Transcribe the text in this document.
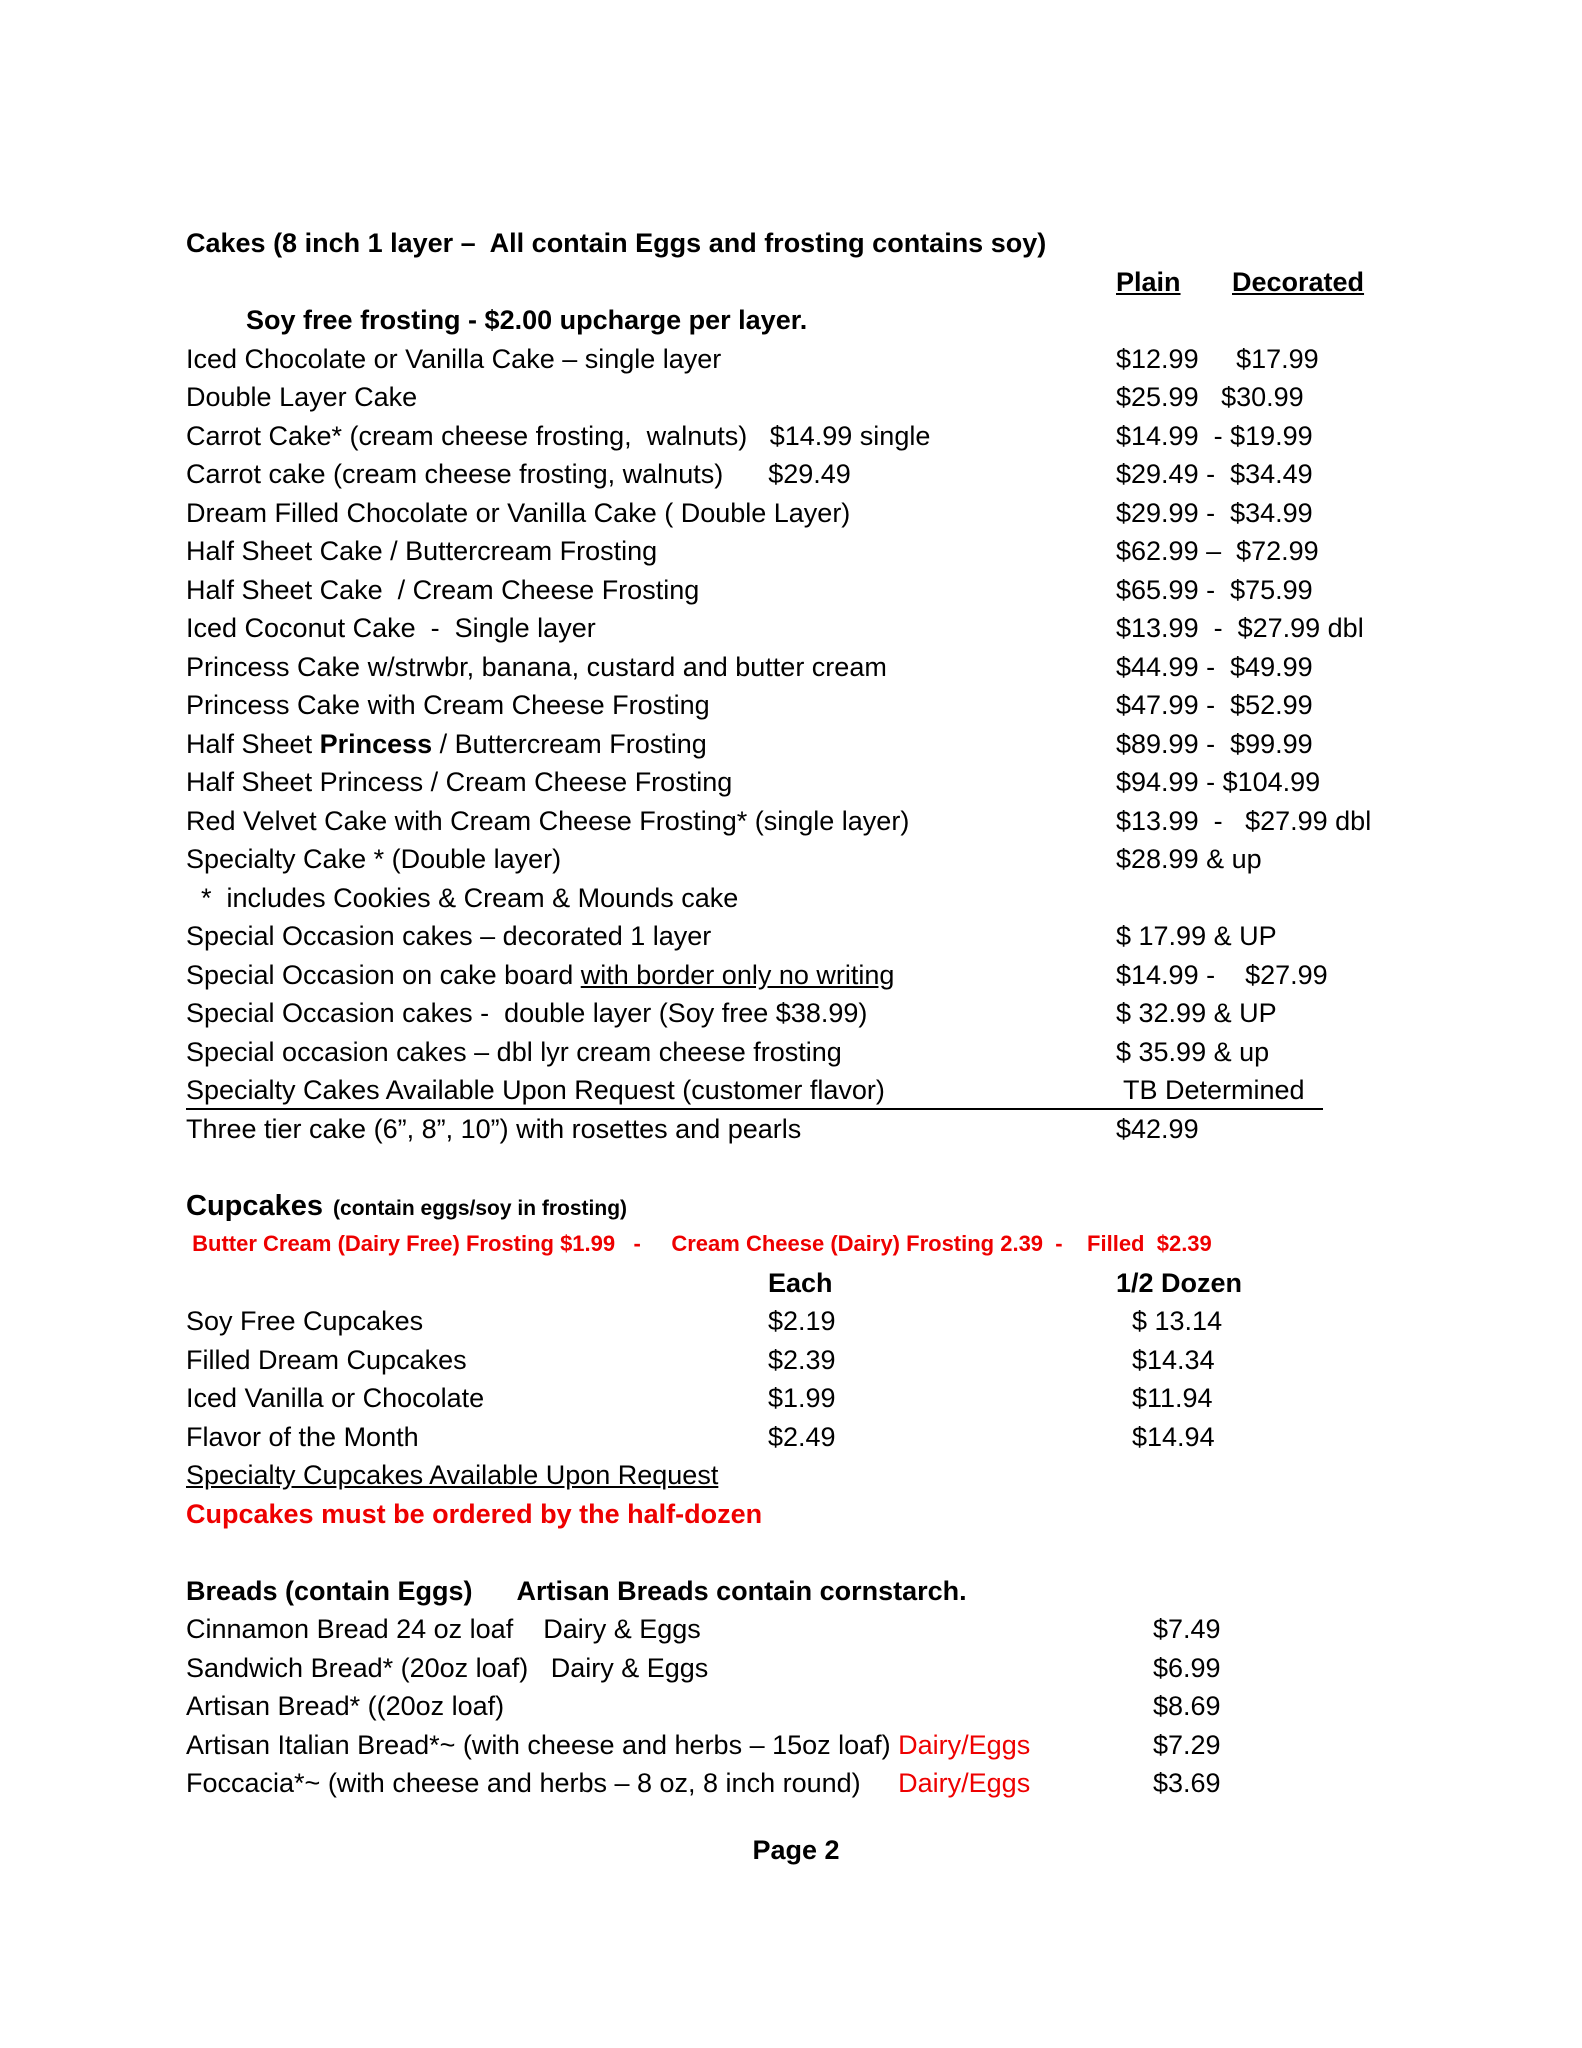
Cakes (8 inch 1 layer –  All contain Eggs and frosting contains soy)

Soy free frosting - $2.00 upcharge per layer.

Plain

Decorated

Iced Chocolate or Vanilla Cake – single layer	$12.99     $17.99
Double Layer Cake	$25.99   $30.99
Carrot Cake* (cream cheese frosting,  walnuts)   $14.99 single	$14.99  - $19.99
Carrot cake (cream cheese frosting, walnuts)      $29.49	$29.49 -  $34.49
Dream Filled Chocolate or Vanilla Cake ( Double Layer)	$29.99 -  $34.99
Half Sheet Cake / Buttercream Frosting	$62.99 –  $72.99
Half Sheet Cake  / Cream Cheese Frosting	$65.99 -  $75.99
Iced Coconut Cake  -  Single layer	$13.99  -  $27.99 dbl
Princess Cake w/strwbr, banana, custard and butter cream	$44.99 -  $49.99
Princess Cake with Cream Cheese Frosting	$47.99 -  $52.99
Half Sheet Princess / Buttercream Frosting	$89.99 -  $99.99
Half Sheet Princess / Cream Cheese Frosting	$94.99 - $104.99
Red Velvet Cake with Cream Cheese Frosting* (single layer)	$13.99  -   $27.99 dbl
Specialty Cake * (Double layer)	$28.99 & up
*  includes Cookies & Cream & Mounds cake
Special Occasion cakes – decorated 1 layer	$ 17.99 & UP
Special Occasion on cake board with border only no writing	$14.99 -    $27.99
Special Occasion cakes -  double layer (Soy free $38.99)	$ 32.99 & UP
Special occasion cakes – dbl lyr cream cheese frosting	$ 35.99 & up
Specialty Cakes Available Upon Request (customer flavor)	TB Determined
Three tier cake (6”, 8”, 10”) with rosettes and pearls	$42.99
Cupcakes (contain eggs/soy in frosting)
Butter Cream (Dairy Free) Frosting $1.99   -     Cream Cheese (Dairy) Frosting 2.39  -    Filled  $2.39

Each

	1/2 Dozen

Soy Free Cupcakes	$2.19	$ 13.14
Filled Dream Cupcakes	$2.39	$14.34
Iced Vanilla or Chocolate	$1.99	$11.94
Flavor of the Month	$2.49	$14.94
Specialty Cupcakes Available Upon Request
Cupcakes must be ordered by the half-dozen
Breads (contain Eggs)      Artisan Breads contain cornstarch.
Cinnamon Bread 24 oz loaf    Dairy & Eggs	$7.49
Sandwich Bread* (20oz loaf)   Dairy & Eggs	$6.99
Artisan Bread* ((20oz loaf)	$8.69
Artisan Italian Bread*~ (with cheese and herbs – 15oz loaf) Dairy/Eggs	$7.29
Foccacia*~ (with cheese and herbs – 8 oz, 8 inch round)     Dairy/Eggs	$3.69
Page 2
